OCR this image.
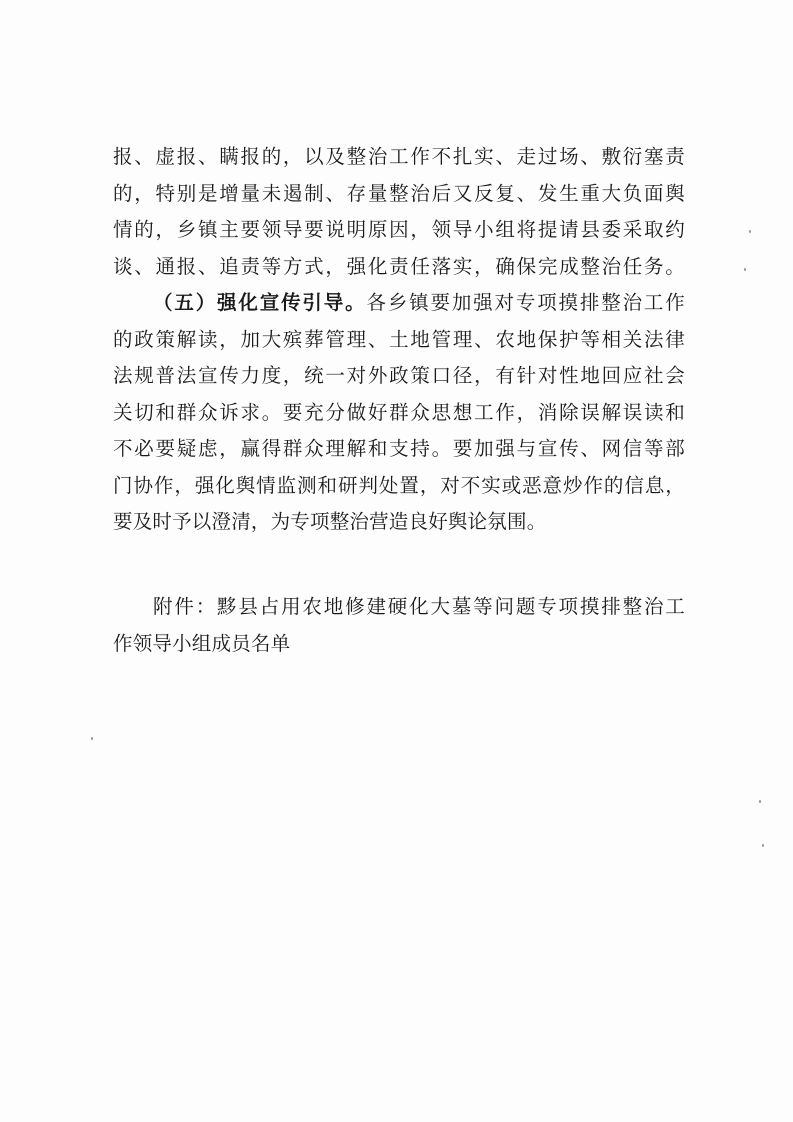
报、虚报、瞒报的，以及整治工作不扎实、走过场、敷衍塞责
的，特别是增量未遏制、存量整治后又反复、发生重大负面舆
情的，乡镇主要领导要说明原因，领导小组将提请县委采取约
谈、通报、追责等方式，强化责任落实，确保完成整治任务。
（五）强化宣传引导。各乡镇要加强对专项摸排整治工作
的政策解读，加大殡葬管理、土地管理、农地保护等相关法律
法规普法宣传力度，统一对外政策口径，有针对性地回应社会
关切和群众诉求。要充分做好群众思想工作，消除误解误读和
不必要疑虑，赢得群众理解和支持。要加强与宣传、网信等部
门协作，强化舆情监测和研判处置，对不实或恶意炒作的信息，
要及时予以澄清，为专项整治营造良好舆论氛围。
附件：黟县占用农地修建硬化大墓等问题专项摸排整治工
作领导小组成员名单
